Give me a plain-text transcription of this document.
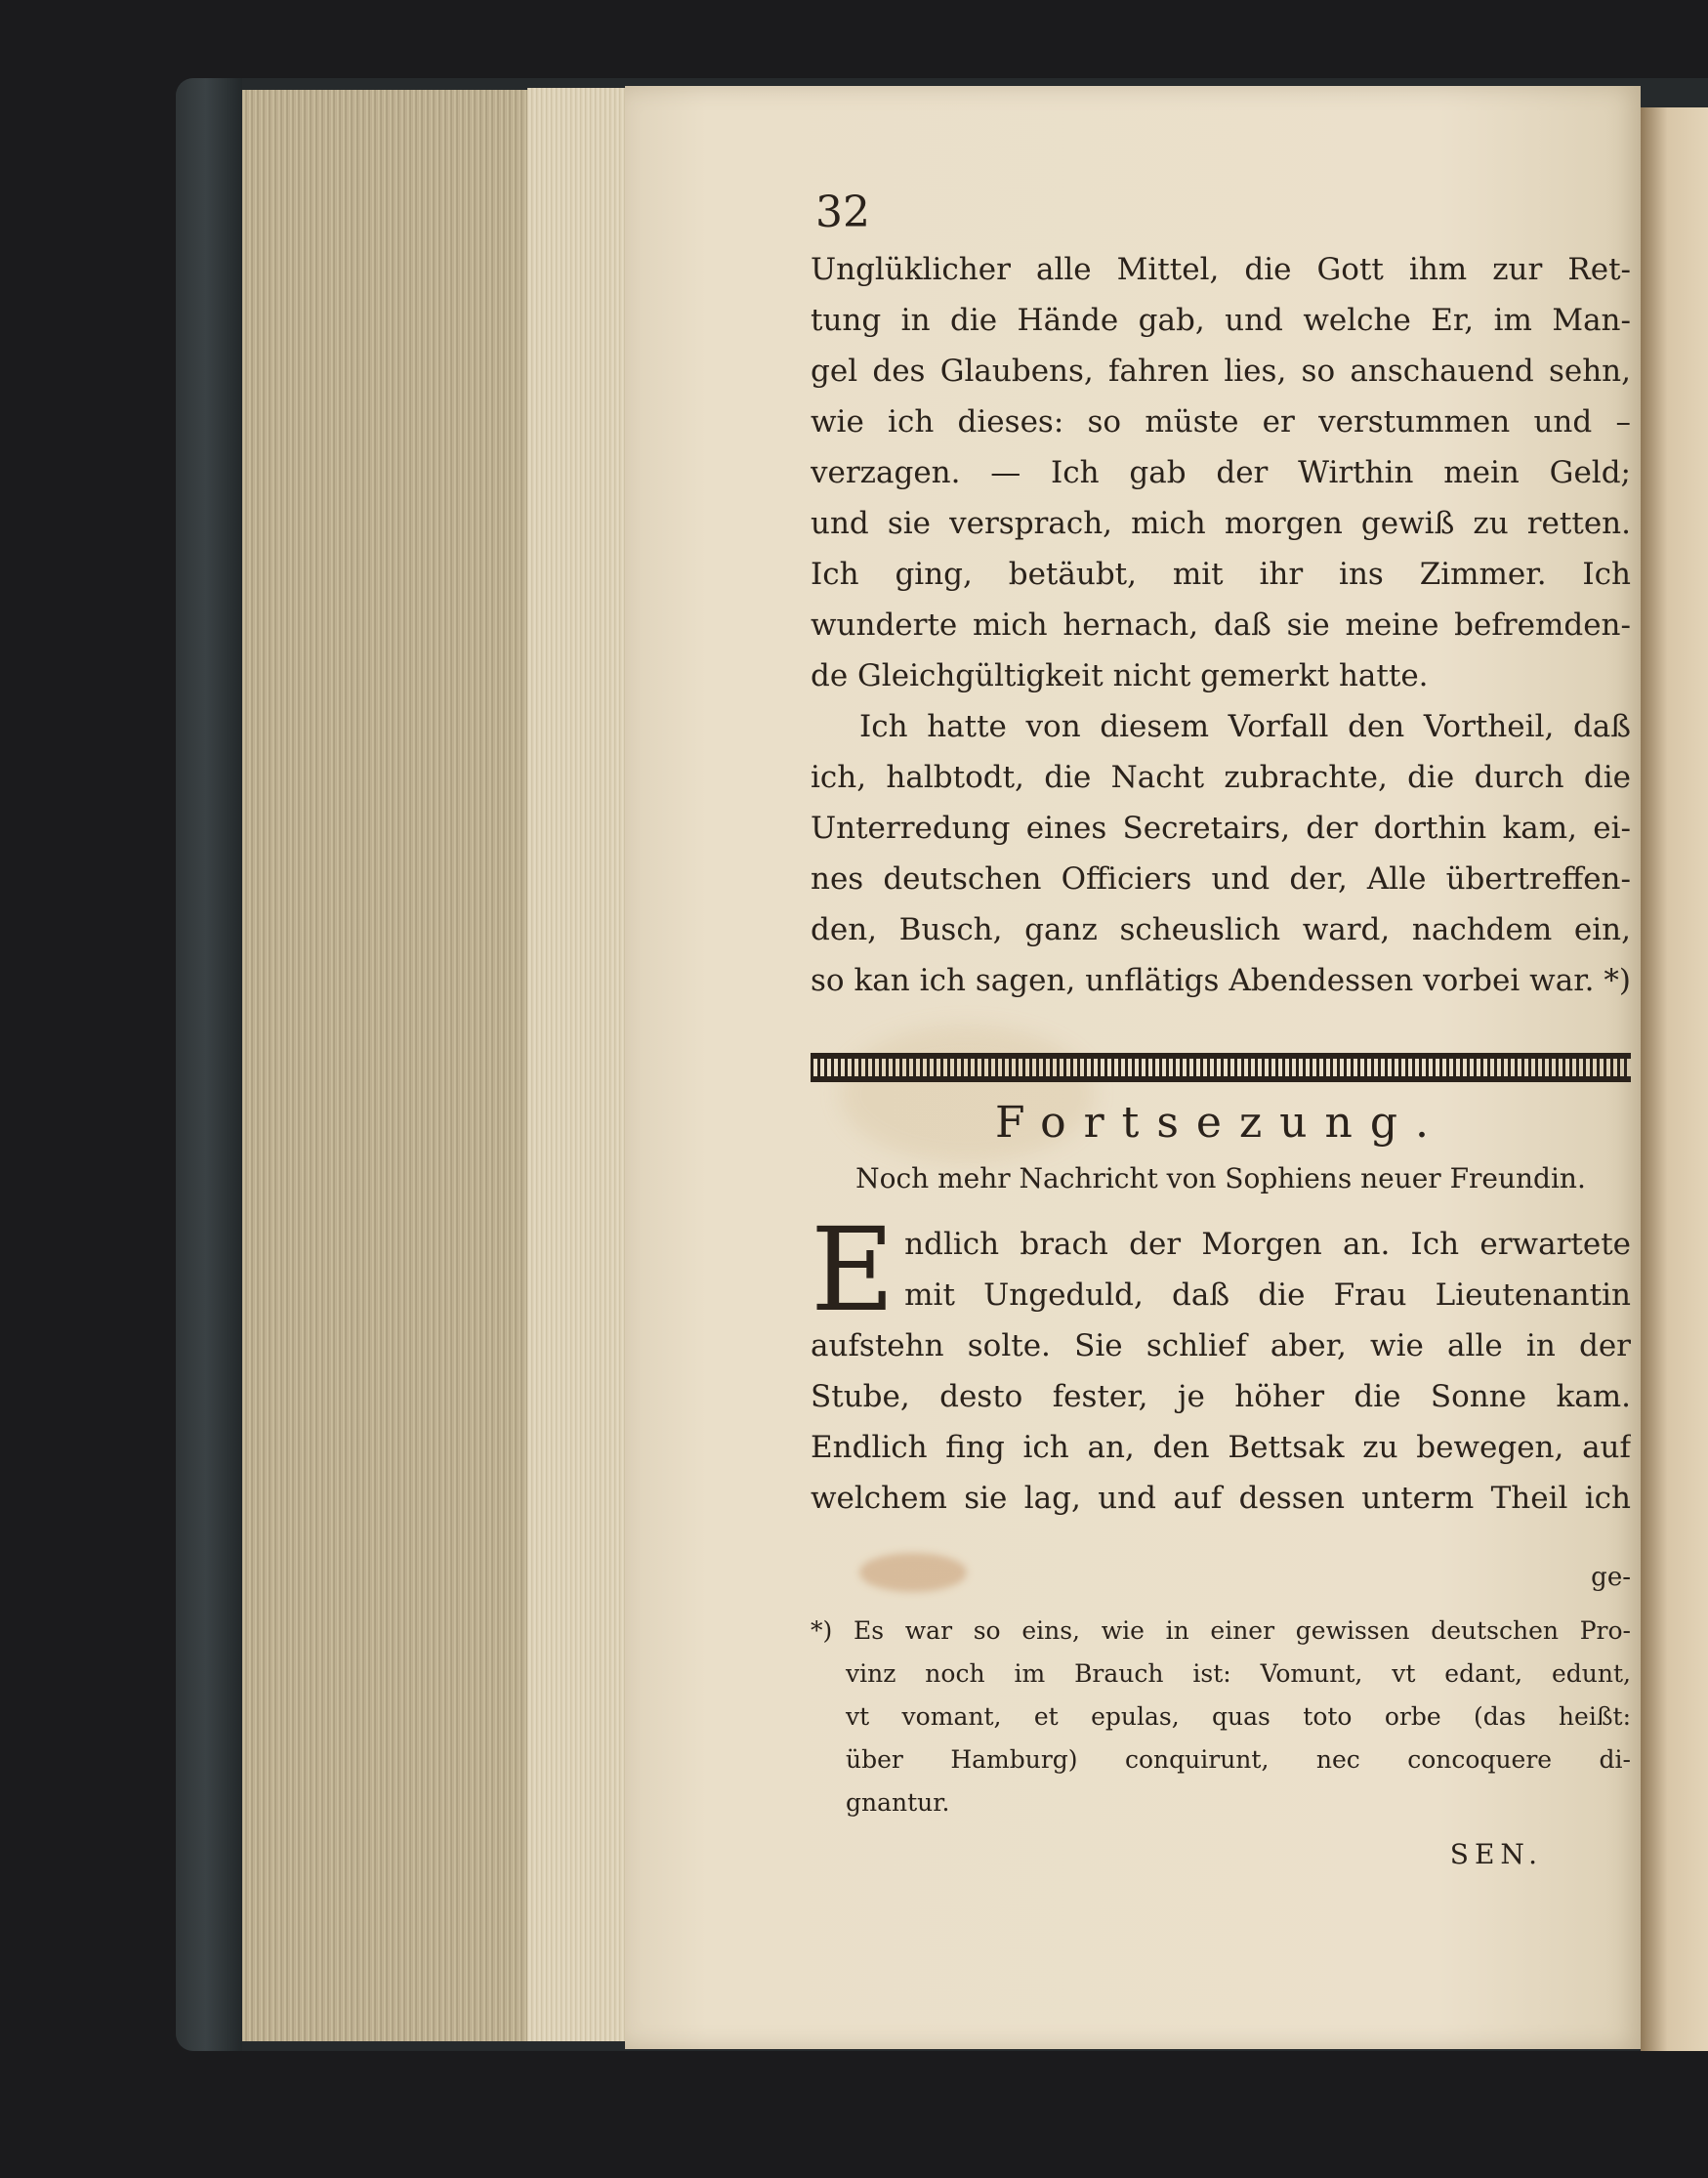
32
Unglüklicher alle Mittel, die Gott ihm zur Ret-
tung in die Hände gab, und welche Er, im Man-
gel des Glaubens, fahren lies, so anschauend sehn,
wie ich dieses: so müste er verstummen und –
verzagen. — Ich gab der Wirthin mein Geld;
und sie versprach, mich morgen gewiß zu retten.
Ich ging, betäubt, mit ihr ins Zimmer. Ich
wunderte mich hernach, daß sie meine befremden-
de Gleichgültigkeit nicht gemerkt hatte.
Ich hatte von diesem Vorfall den Vortheil, daß
ich, halbtodt, die Nacht zubrachte, die durch die
Unterredung eines Secretairs, der dorthin kam, ei-
nes deutschen Officiers und der, Alle übertreffen-
den, Busch, ganz scheuslich ward, nachdem ein,
so kan ich sagen, unflätigs Abendessen vorbei war. *)
Fortsezung.
Noch mehr Nachricht von Sophiens neuer Freundin.
E ndlich brach der Morgen an. Ich erwartete
mit Ungeduld, daß die Frau Lieutenantin
aufstehn solte. Sie schlief aber, wie alle in der
Stube, desto fester, je höher die Sonne kam.
Endlich fing ich an, den Bettsak zu bewegen, auf
welchem sie lag, und auf dessen unterm Theil ich
ge-
*) Es war so eins, wie in einer gewissen deutschen Pro-
vinz noch im Brauch ist: Vomunt, vt edant, edunt,
vt vomant, et epulas, quas toto orbe (das heißt:
über Hamburg) conquirunt, nec concoquere di-
gnantur.
SEN.
